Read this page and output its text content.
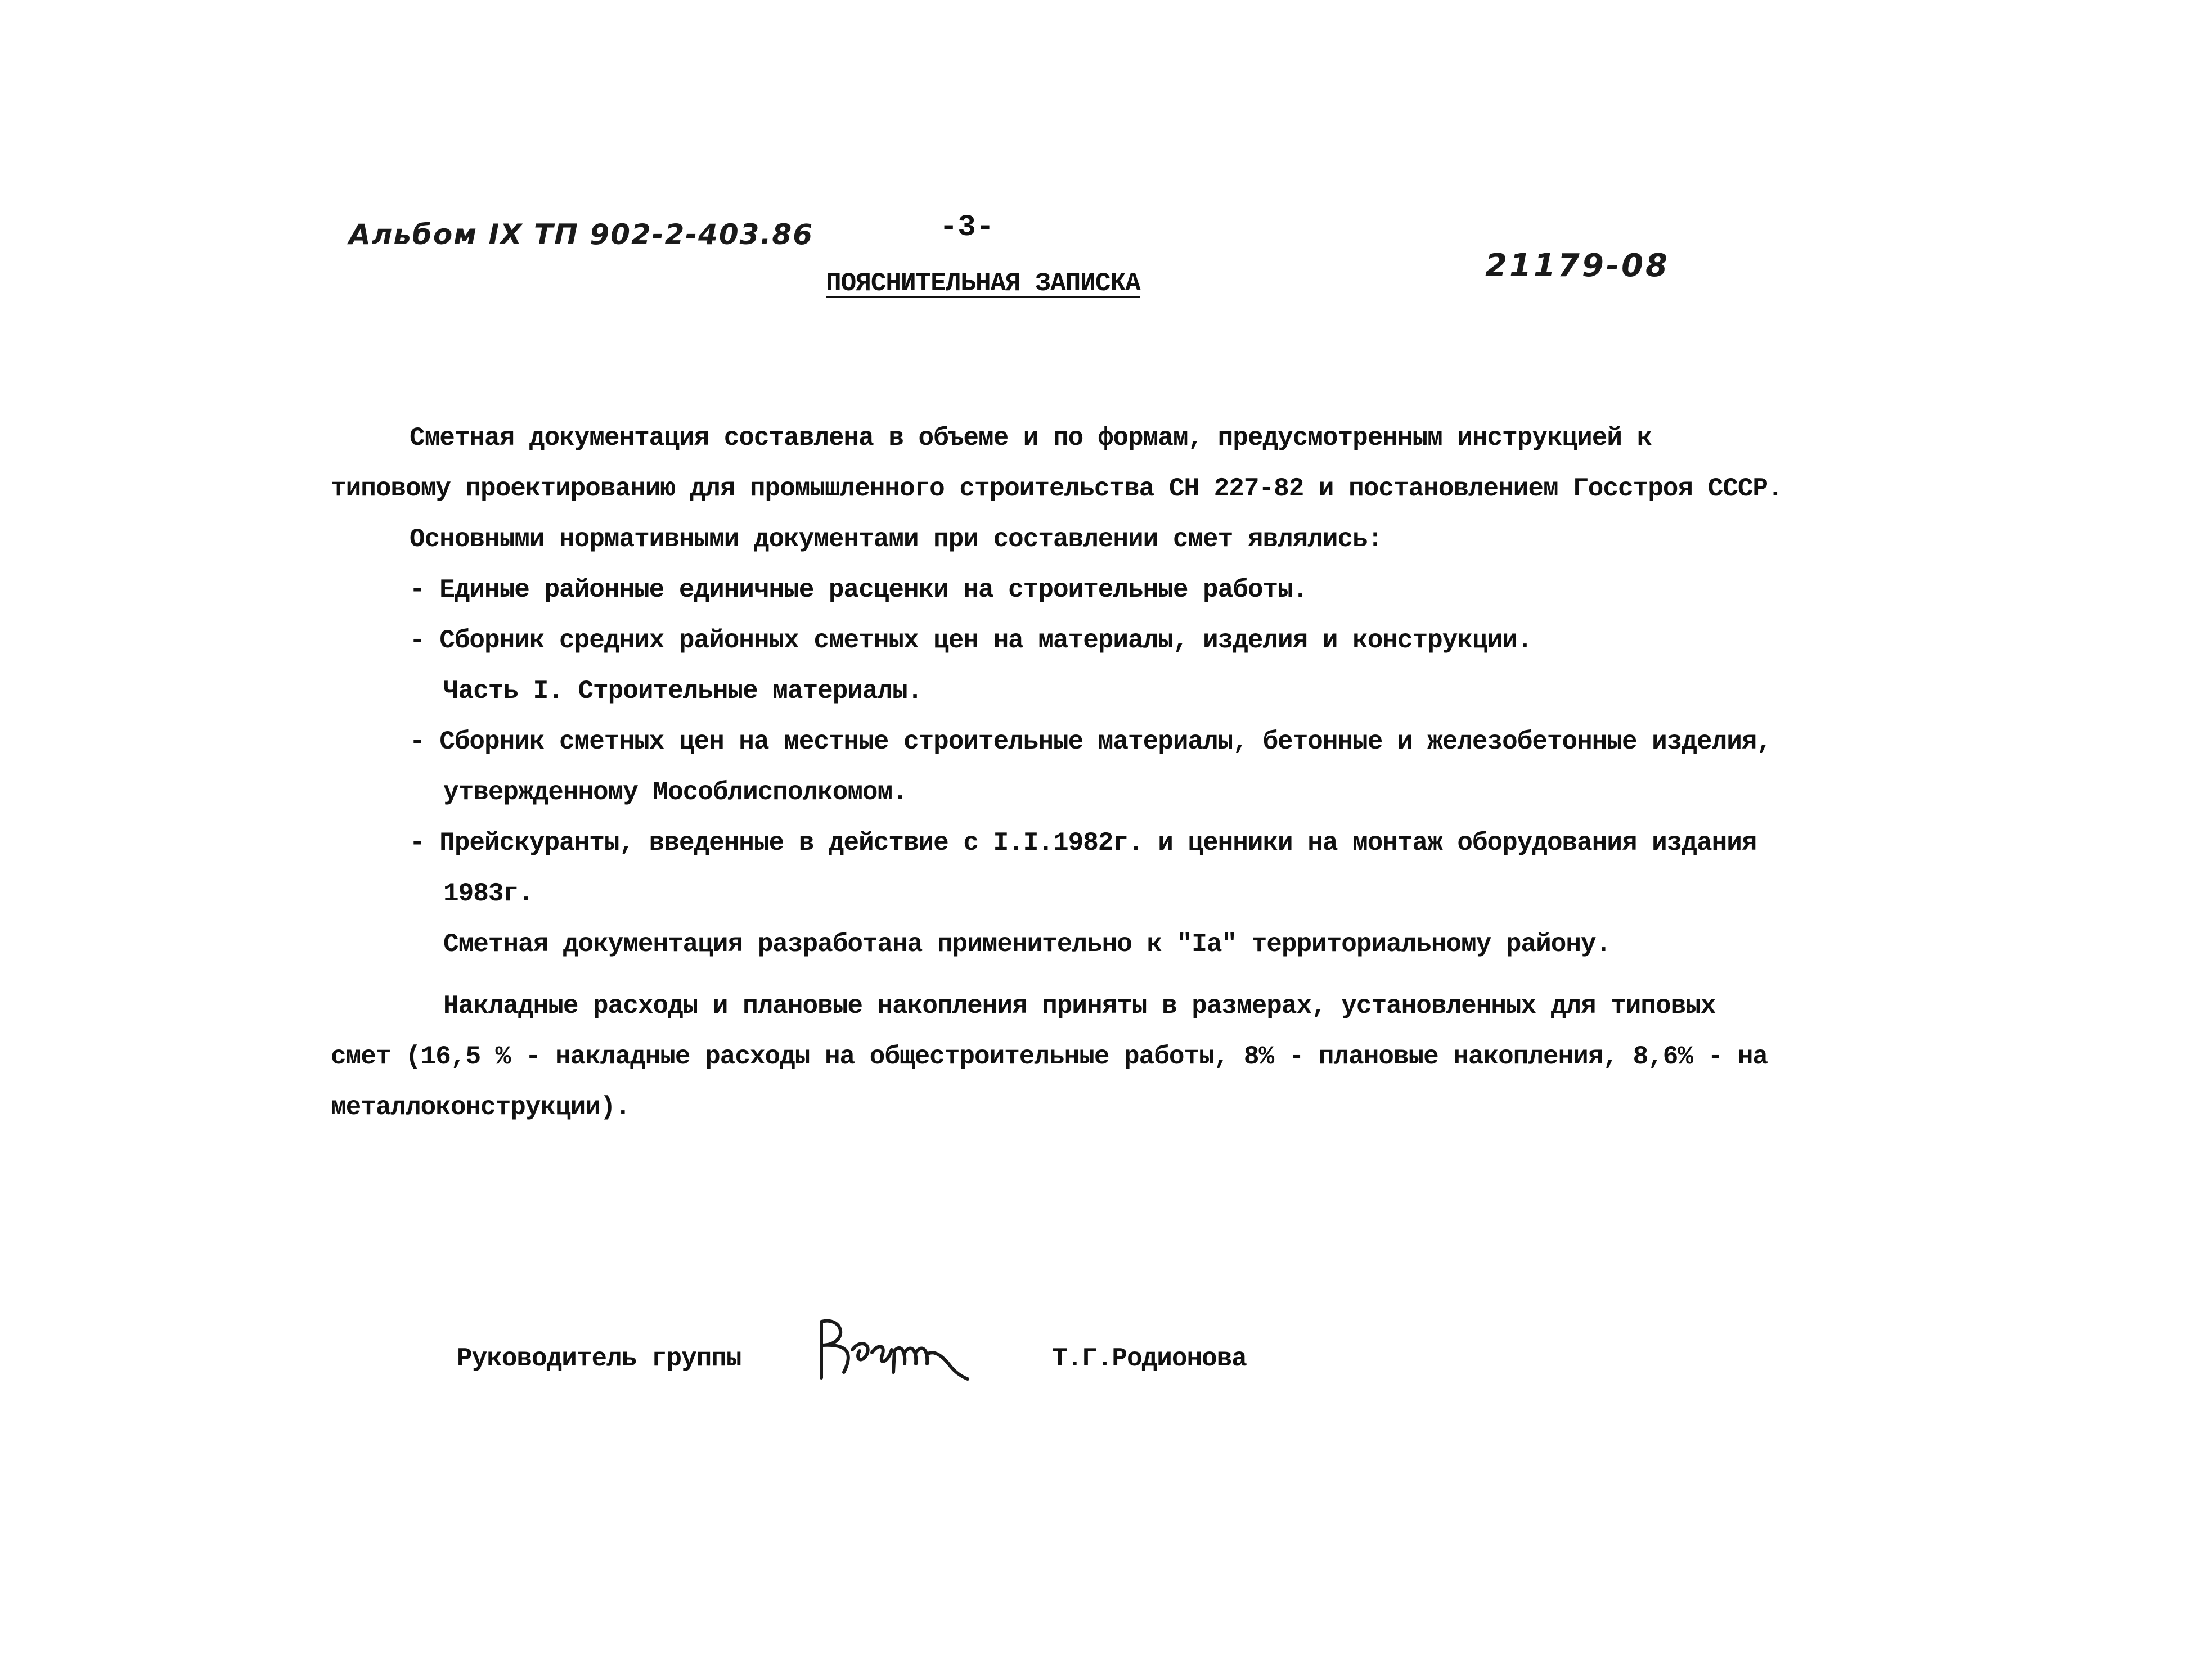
Альбом IX ТП 902-2-403.86	-3-
21179-08
ПОЯСНИТЕЛЬНАЯ ЗАПИСКА
Сметная документация составлена в объеме и по формам, предусмотренным инструкцией к
типовому проектированию для промышленного строительства СН 227-82 и постановлением Госстроя СССР.
Основными нормативными документами при составлении смет являлись:
- Единые районные единичные расценки на строительные работы.
- Сборник средних районных сметных цен на материалы, изделия и конструкции.
Часть I. Строительные материалы.
- Сборник сметных цен на местные строительные материалы, бетонные и железобетонные изделия,
утвержденному Мособлисполкомом.
- Прейскуранты, введенные в действие с I.I.1982г. и ценники на монтаж оборудования издания
1983г.
Сметная документация разработана применительно к "Iа" территориальному району.
Накладные расходы и плановые накопления приняты в размерах, установленных для типовых
смет (16,5 % - накладные расходы на общестроительные работы, 8% - плановые накопления, 8,6% - на
металлоконструкции).
Руководитель группы	Т.Г.Родионова
